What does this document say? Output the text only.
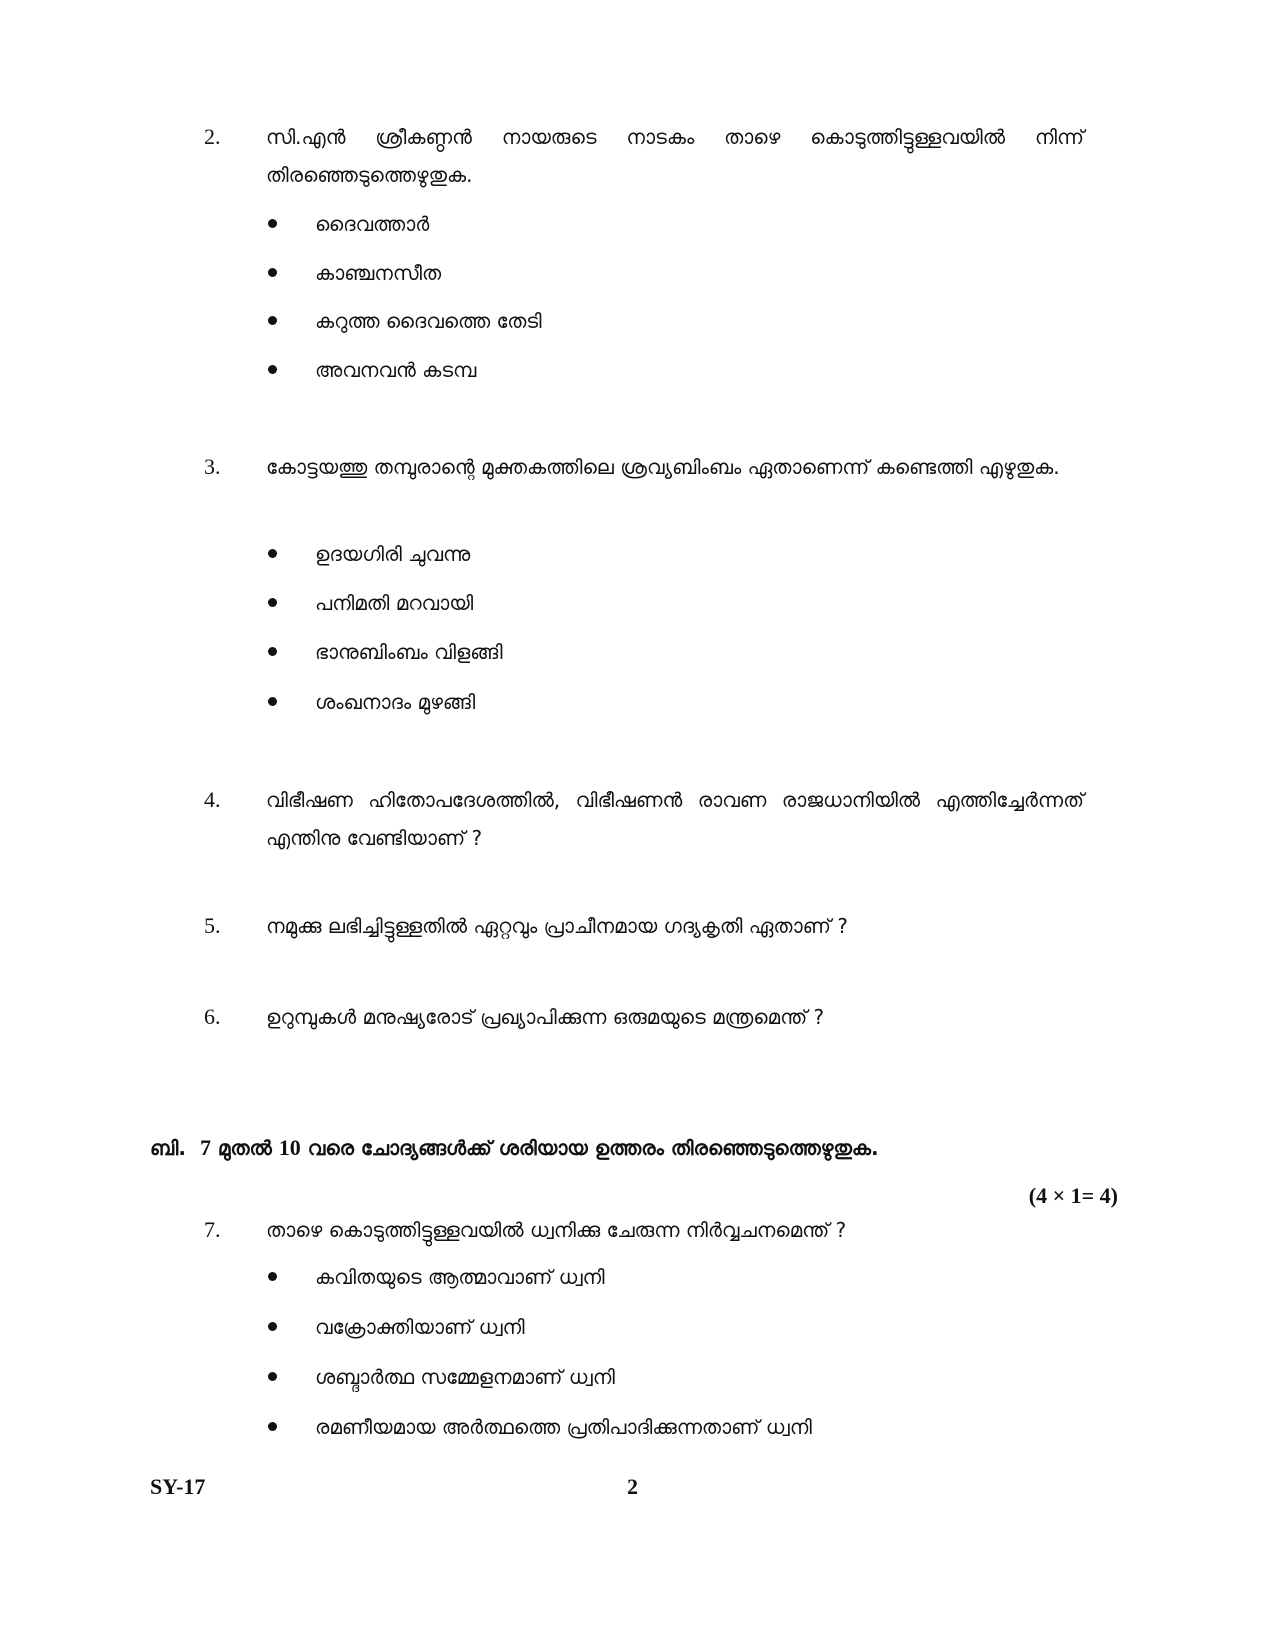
2. സി.എൻ ശ്രീകണ്ഠൻ നായരുടെ നാടകം താഴെ കൊടുത്തിട്ടുള്ളവയിൽ നിന്ന് തിരഞ്ഞെടുത്തെഴുതുക.
ദൈവത്താർ
കാഞ്ചനസീത
കറുത്ത ദൈവത്തെ തേടി
അവനവൻ കടമ്പ
3. കോട്ടയത്തു തമ്പുരാന്റെ മുക്തകത്തിലെ ശ്രവ്യബിംബം ഏതാണെന്ന് കണ്ടെത്തി എഴുതുക.
ഉദയഗിരി ചുവന്നു
പനിമതി മറവായി
ഭാനുബിംബം വിളങ്ങി
ശംഖനാദം മുഴങ്ങി
4. വിഭീഷണ ഹിതോപദേശത്തിൽ, വിഭീഷണൻ രാവണ രാജധാനിയിൽ എത്തിച്ചേർന്നത് എന്തിനു വേണ്ടിയാണ് ?
5. നമുക്കു ലഭിച്ചിട്ടുള്ളതിൽ ഏറ്റവും പ്രാചീനമായ ഗദ്യകൃതി ഏതാണ് ?
6. ഉറുമ്പുകൾ മനുഷ്യരോട് പ്രഖ്യാപിക്കുന്ന ഒരുമയുടെ മന്ത്രമെന്ത് ?
ബി. 7 മുതൽ 10 വരെ ചോദ്യങ്ങൾക്ക് ശരിയായ ഉത്തരം തിരഞ്ഞെടുത്തെഴുതുക.
(4 × 1= 4)
7. താഴെ കൊടുത്തിട്ടുള്ളവയിൽ ധ്വനിക്കു ചേരുന്ന നിർവ്വചനമെന്ത് ?
കവിതയുടെ ആത്മാവാണ് ധ്വനി
വക്രോക്തിയാണ് ധ്വനി
ശബ്ദാർത്ഥ സമ്മേളനമാണ് ധ്വനി
രമണീയമായ അർത്ഥത്തെ പ്രതിപാദിക്കുന്നതാണ് ധ്വനി
SY-17	2
